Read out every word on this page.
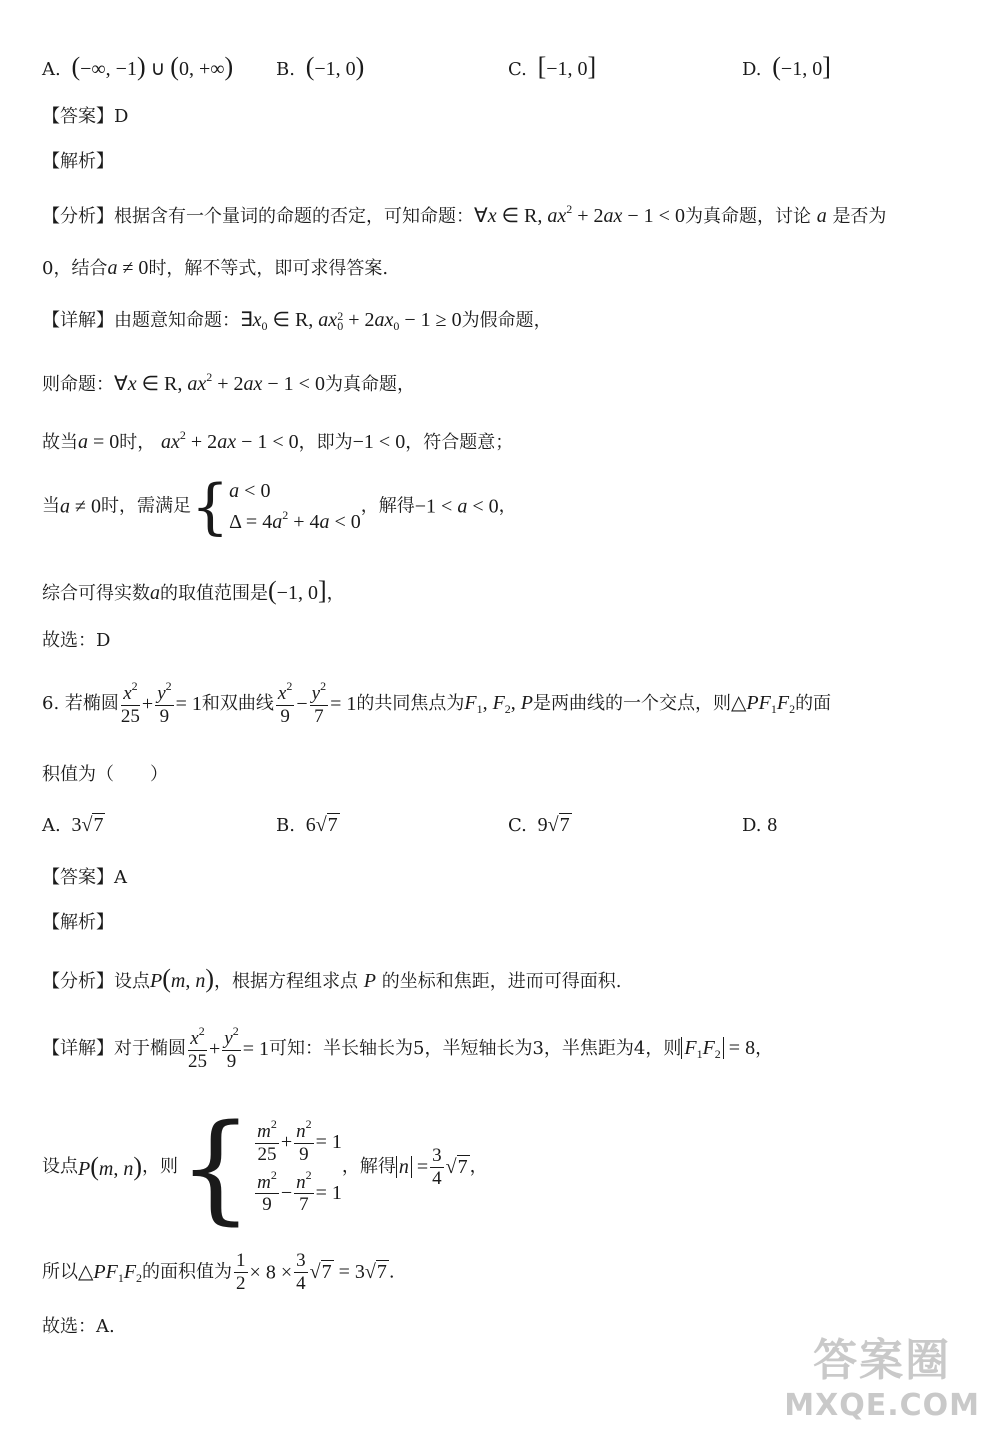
A. (−∞, −1) ∪ (0, +∞) B. (−1, 0)	C. [−1, 0]	D. (−1, 0]
【答案】D
【解析】
【分析】根据含有一个量词的命题的否定，可知命题：∀x ∈ R, $ax^2 + 2ax - 1 < 0$为真命题，讨论 a 是否为
0，结合a ≠ 0时，解不等式，即可求得答案.
【详解】由题意知命题：$\exists x_0$ ∈ R, ax 2
$0 + 2ax_0 - 1 \ge 0$为假命题，
则命题：∀x ∈ R, $ax^2 + 2ax - 1 < 0$为真命题，
故当a = 0时， $ax^2 + 2ax - 1 < 0$，即为−1 < 0，符合题意；
当a ≠ 0时，需满足{ a < 0
$\Delta = 4a^2 + 4a < 0$
，解得−1 < a < 0，
综合可得实数a的取值范围是(−1, 0]，
故选：D
6. 若椭圆 $\frac{x^2}{25} + \frac{y^2}{9} = 1$和双曲线 $\frac{x^2}{9} - \frac{y^2}{7} = 1$的共同焦点为$F_1$, $F_2$, P是两曲线的一个交点，则$\triangle PF_1F_2$的面
积值为（　　）
A.  3√7	B.  6√7	C.  9√7	D. 8
【答案】A
【解析】
【分析】设点P(m, n)，根据方程组求点 P 的坐标和焦距，进而可得面积.
【详解】对于椭圆 $\frac{x^2}{25} + \frac{y^2}{9} = 1$可知：半长轴长为5，半短轴长为3，半焦距为4，则 $F_1F_2 = 8$，
设点P(m, n)，则{ $\frac{m^2}{25} + \frac{n^2}{9} = 1$
$\frac{m^2}{9} - \frac{n^2}{7} = 1$
，解得 $n = \frac{3}{4} √7$ ，
所以$\triangle PF_1F_2$的面积值为 $\frac{1}{2} \times 8 \times \frac{3}{4} √7 = 3√7$ .
故选：A.
答案圈
MXQE.COM
